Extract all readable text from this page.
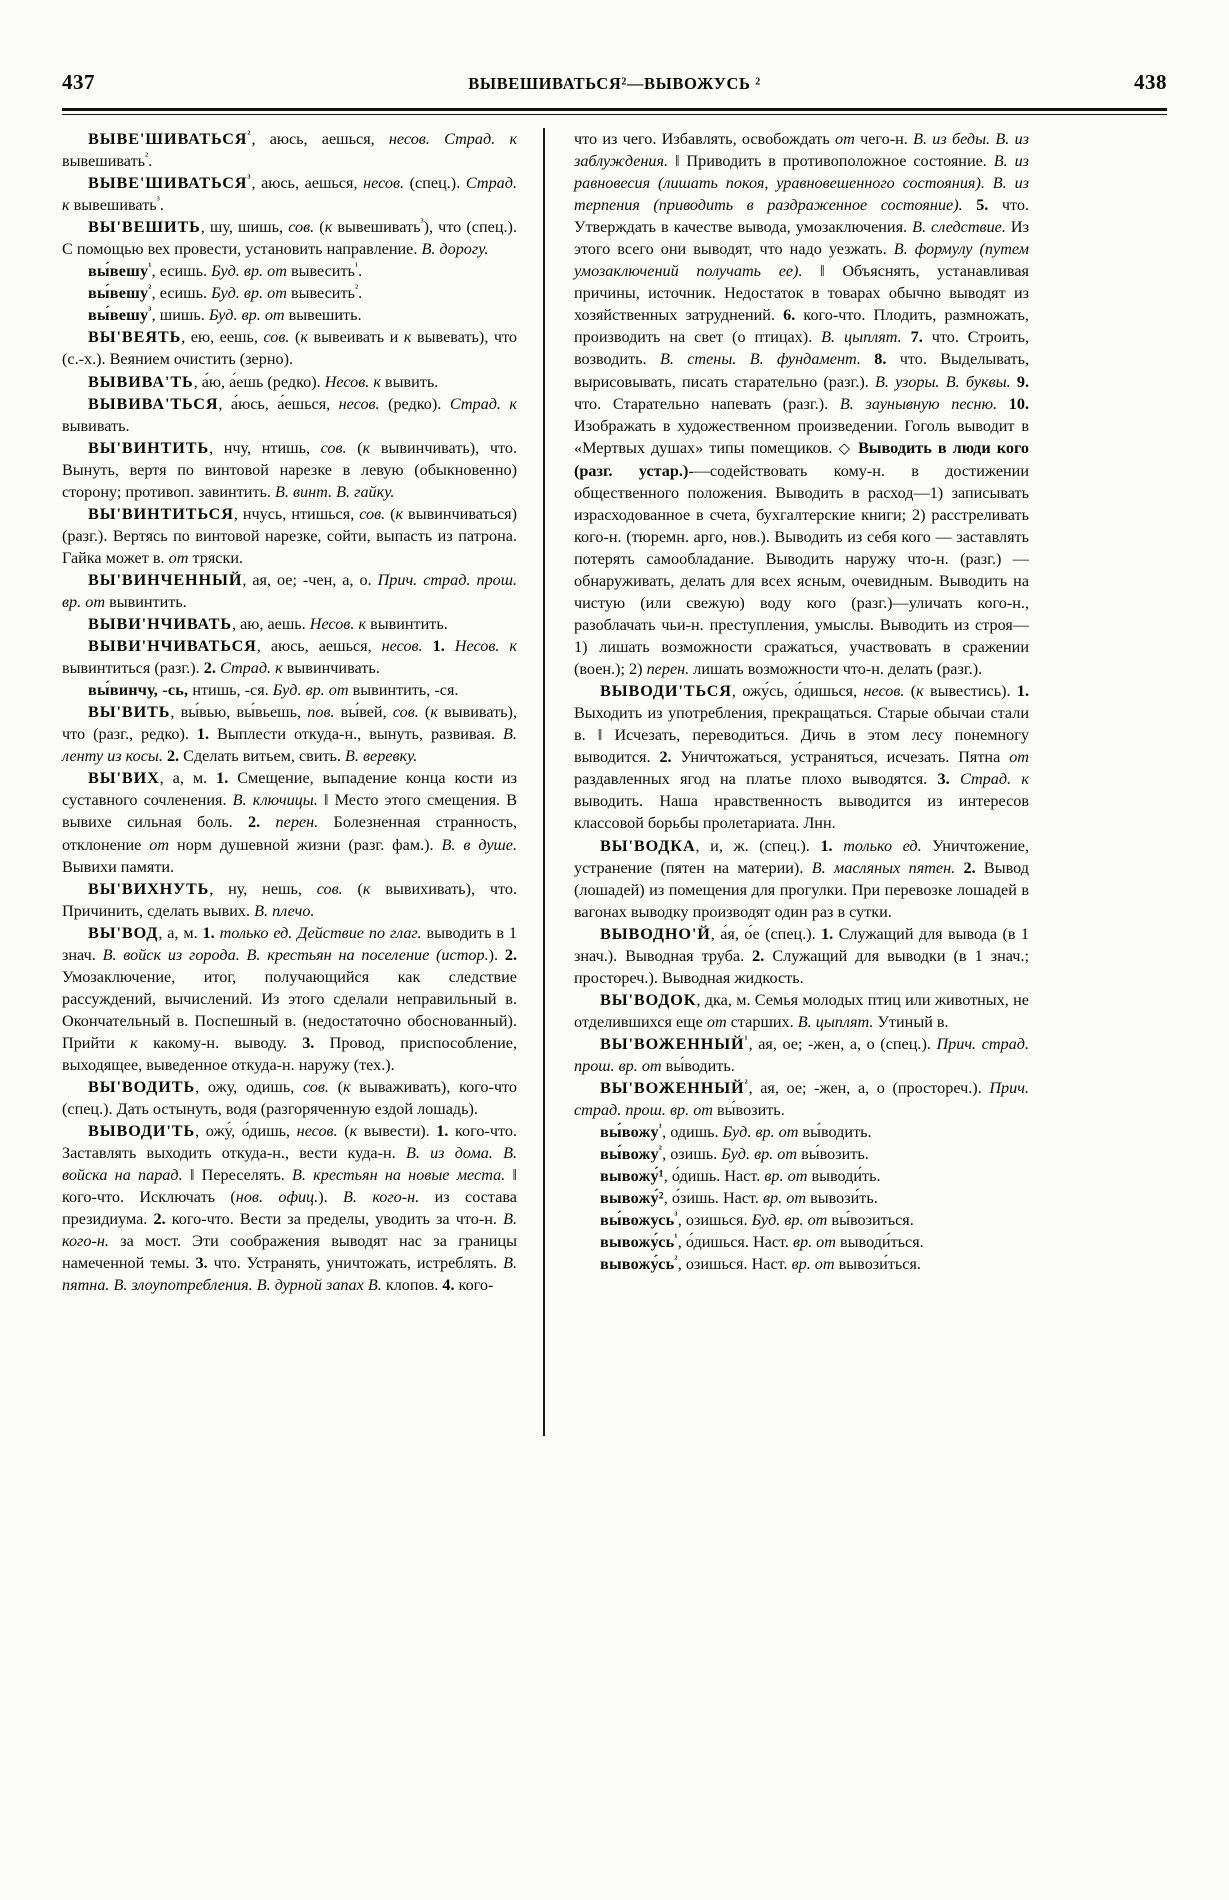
437	ВЫВЕШИВАТЬСЯ²—ВЫВОЖУСЬ ²	438

$ВЫВЕ'ШИВАТЬСЯ^{^2}$, аюсь, аешься, несов. Страд. к вывешивать$^{^2}$.

$ВЫВЕ'ШИВАТЬСЯ^{^3}$, аюсь, аешься, несов. (спец.). Страд. к вывешивать$^{^3}$.

ВЫ'ВЕШИТЬ, шу, шишь, сов. (к вывешивать$^{^3}$), что (спец.). С помощью вех провести, установить направление. В. дорогу.

вы́вешу$^{^1}$, есишь. Буд. вр. от вывесить$^{^1}$.

вы́вешу$^{^2}$, есишь. Буд. вр. от вывесить$^{^2}$.

вы́вешу$^{^3}$, шишь. Буд. вр. от вывешить.

ВЫ'ВЕЯТЬ, ею, еешь, сов. (к вывеивать и к вывевать), что (с.-х.). Веянием очистить (зерно).

ВЫВИВА'ТЬ, а́ю, а́ешь (редко). Несов. к вывить.

ВЫВИВА'ТЬСЯ, а́юсь, а́ешься, несов. (редко). Страд. к вывивать.

ВЫ'ВИНТИТЬ, нчу, нтишь, сов. (к вывинчивать), что. Вынуть, вертя по винтовой нарезке в левую (обыкновенно) сторону; противоп. завинтить. В. винт. В. гайку.

ВЫ'ВИНТИТЬСЯ, нчусь, нтишься, сов. (к вывинчиваться) (разг.). Вертясь по винтовой нарезке, сойти, выпасть из патрона. Гайка может в. от тряски.

ВЫ'ВИНЧЕННЫЙ, ая, ое; -чен, а, о. Прич. страд. прош. вр. от вывинтить.

ВЫВИ'НЧИВАТЬ, аю, аешь. Несов. к вывинтить.

ВЫВИ'НЧИВАТЬСЯ, аюсь, аешься, несов. 1. Несов. к вывинтиться (разг.). 2. Страд. к вывинчивать.

вы́винчу, -сь, нтишь, -ся. Буд. вр. от вывинтить, -ся.

ВЫ'ВИТЬ, вы́вью, вы́вьешь, пов. вы́вей, сов. (к вывивать), что (разг., редко). 1. Выплести откуда-н., вынуть, развивая. В. ленту из косы. 2. Сделать витьем, свить. В. веревку.

ВЫ'ВИХ, а, м. 1. Смещение, выпадение конца кости из суставного сочленения. В. ключицы. ‖ Место этого смещения. В вывихе сильная боль. 2. перен. Болезненная странность, отклонение от норм душевной жизни (разг. фам.). В. в душе. Вывихи памяти.

ВЫ'ВИХНУТЬ, ну, нешь, сов. (к вывихивать), что. Причинить, сделать вывих. В. плечо.

ВЫ'ВОД, а, м. 1. только ед. Действие по глаг. выводить в 1 знач. В. войск из города. В. крестьян на поселение (истор.). 2. Умозаключение, итог, получающийся как следствие рассуждений, вычислений. Из этого сделали неправильный в. Окончательный в. Поспешный в. (недостаточно обоснованный). Прийти к какому-н. выводу. 3. Провод, приспособление, выходящее, выведенное откуда-н. наружу (тех.).

ВЫ'ВОДИТЬ, ожу, одишь, сов. (к вываживать), кого-что (спец.). Дать остынуть, водя (разгоряченную ездой лошадь).

ВЫВОДИ'ТЬ, ожу́, о́дишь, несов. (к вывести). 1. кого-что. Заставлять выходить откуда-н., вести куда-н. В. из дома. В. войска на парад. ‖ Переселять. В. крестьян на новые места. ‖ кого-что. Исключать (нов. офиц.). В. кого-н. из состава президиума. 2. кого-что. Вести за пределы, уводить за что-н. В. кого-н. за мост. Эти соображения выводят нас за границы намеченной темы. 3. что. Устранять, уничтожать, истреблять. В. пятна. В. злоупотребления. В. дурной запах В. клопов. 4. кого-

что из чего. Избавлять, освобождать от чего-н. В. из беды. В. из заблуждения. ‖ Приводить в противоположное состояние. В. из равновесия (лишать покоя, уравновешенного состояния). В. из терпения (приводить в раздраженное состояние). 5. что. Утверждать в качестве вывода, умозаключения. В. следствие. Из этого всего они выводят, что надо уезжать. В. формулу (путем умозаключений получать ее). ‖ Объяснять, устанавливая причины, источник. Недостаток в товарах обычно выводят из хозяйственных затруднений. 6. кого-что. Плодить, размножать, производить на свет (о птицах). В. цыплят. 7. что. Строить, возводить. В. стены. В. фундамент. 8. что. Выделывать, вырисовывать, писать старательно (разг.). В. узоры. В. буквы. 9. что. Старательно напевать (разг.). В. заунывную песню. 10. Изображать в художественном произведении. Гоголь выводит в «Мертвых душах» типы помещиков. ◇ Выводить в люди кого (разг. устар.)-—содействовать кому-н. в достижении общественного положения. Выводить в расход—1) записывать израсходованное в счета, бухгалтерские книги; 2) расстреливать кого-н. (тюремн. арго, нов.). Выводить из себя кого — заставлять потерять самообладание. Выводить наружу что-н. (разг.) — обнаруживать, делать для всех ясным, очевидным. Выводить на чистую (или свежую) воду кого (разг.)—уличать кого-н., разоблачать чьи-н. преступления, умыслы. Выводить из строя— 1) лишать возможности сражаться, участвовать в сражении (воен.); 2) перен. лишать возможности что-н. делать (разг.).

ВЫВОДИ'ТЬСЯ, ожу́сь, о́дишься, несов. (к вывестись). 1. Выходить из употребления, прекращаться. Старые обычаи стали в. ‖ Исчезать, переводиться. Дичь в этом лесу понемногу выводится. 2. Уничтожаться, устраняться, исчезать. Пятна от раздавленных ягод на платье плохо выводятся. 3. Страд. к выводить. Наша нравственность выводится из интересов классовой борьбы пролетариата. Лнн.

ВЫ'ВОДКА, и, ж. (спец.). 1. только ед. Уничтожение, устранение (пятен на материи). В. масляных пятен. 2. Вывод (лошадей) из помещения для прогулки. При перевозке лошадей в вагонах выводку производят один раз в сутки.

ВЫВОДНО'Й, а́я, о́е (спец.). 1. Служащий для вывода (в 1 знач.). Выводная труба. 2. Служащий для выводки (в 1 знач.; простореч.). Выводная жидкость.

ВЫ'ВОДОК, дка, м. Семья молодых птиц или животных, не отделившихся еще от старших. В. цыплят. Утиный в.

$ВЫ'ВОЖЕННЫЙ^{^1}$, ая, ое; -жен, а, о (спец.). Прич. страд. прош. вр. от вы́водить.

$ВЫ'ВОЖЕННЫЙ^{^2}$, ая, ое; -жен, а, о (простореч.). Прич. страд. прош. вр. от вы́возить.

вы́вожу$^{^1}$, одишь. Буд. вр. от вы́водить.

вы́вожу$^{^2}$, озишь. Буд. вр. от вы́возить.

вывожу́¹, о́дишь. Наст. вр. от выводи́ть.

вывожу́², о́зишь. Наст. вр. от вывози́ть.

вы́вожусь$^{^3}$, озишься. Буд. вр. от вы́возиться.

$вывожу́сь^{^1}$, о́дишься. Наст. вр. от выводи́ться.

$вывожу́сь^{^2}$, озишься. Наст. вр. от вывози́ться.
